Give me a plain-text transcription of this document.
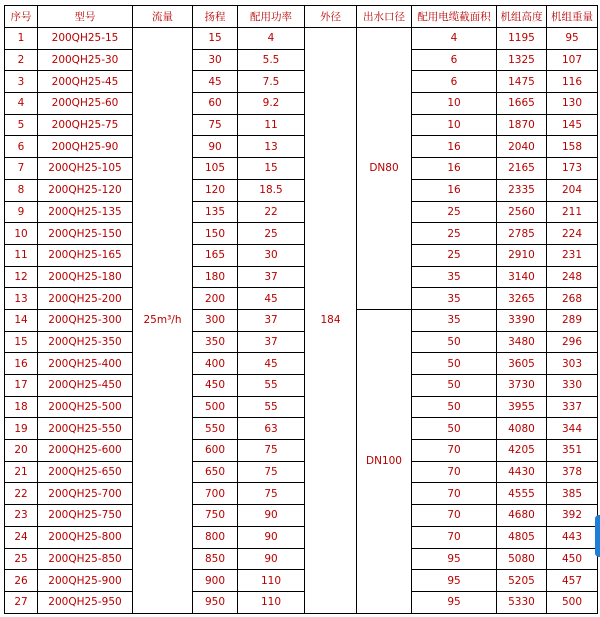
序号	型号	流量	扬程	配用功率	外径	出水口径	配用电缆截面积	机组高度	机组重量
1	200QH25-15	25m³/h	15	4	184	DN80	4	1195	95
2	200QH25-30		30	5.5			6	1325	107
3	200QH25-45		45	7.5			6	1475	116
4	200QH25-60		60	9.2			10	1665	130
5	200QH25-75		75	11			10	1870	145
6	200QH25-90		90	13			16	2040	158
7	200QH25-105		105	15			16	2165	173
8	200QH25-120		120	18.5			16	2335	204
9	200QH25-135		135	22			25	2560	211
10	200QH25-150		150	25			25	2785	224
11	200QH25-165		165	30			25	2910	231
12	200QH25-180		180	37			35	3140	248
13	200QH25-200		200	45			35	3265	268
14	200QH25-300		300	37		DN100	35	3390	289
15	200QH25-350		350	37			50	3480	296
16	200QH25-400		400	45			50	3605	303
17	200QH25-450		450	55			50	3730	330
18	200QH25-500		500	55			50	3955	337
19	200QH25-550		550	63			50	4080	344
20	200QH25-600		600	75			70	4205	351
21	200QH25-650		650	75			70	4430	378
22	200QH25-700		700	75			70	4555	385
23	200QH25-750		750	90			70	4680	392
24	200QH25-800		800	90			70	4805	443
25	200QH25-850		850	90			95	5080	450
26	200QH25-900		900	110			95	5205	457
27	200QH25-950		950	110			95	5330	500
